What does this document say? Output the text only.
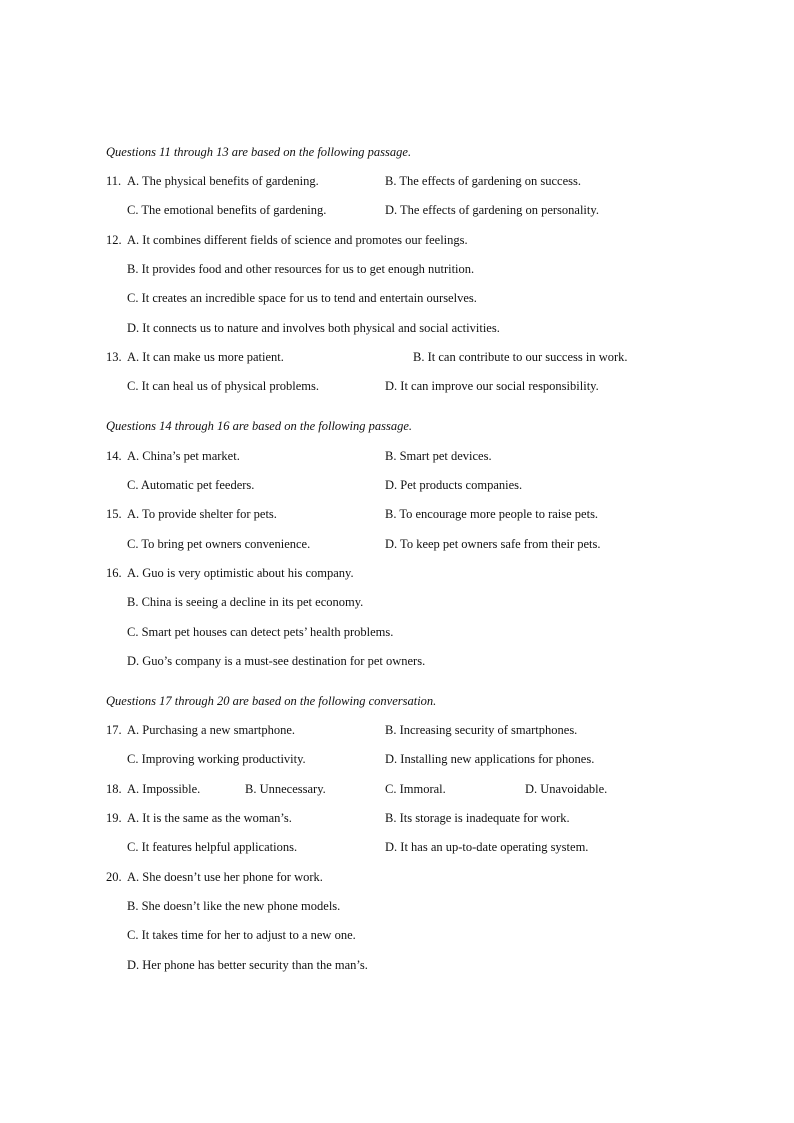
Questions 11 through 13 are based on the following passage.
11. A. The physical benefits of gardening.	B. The effects of gardening on success.
C. The emotional benefits of gardening.	D. The effects of gardening on personality.
12. A. It combines different fields of science and promotes our feelings.
B. It provides food and other resources for us to get enough nutrition.
C. It creates an incredible space for us to tend and entertain ourselves.
D. It connects us to nature and involves both physical and social activities.
13. A. It can make us more patient.	B. It can contribute to our success in work.
C. It can heal us of physical problems.	D. It can improve our social responsibility.
Questions 14 through 16 are based on the following passage.
14. A. China’s pet market.	B. Smart pet devices.
C. Automatic pet feeders.	D. Pet products companies.
15. A. To provide shelter for pets.	B. To encourage more people to raise pets.
C. To bring pet owners convenience.	D. To keep pet owners safe from their pets.
16. A. Guo is very optimistic about his company.
B. China is seeing a decline in its pet economy.
C. Smart pet houses can detect pets’ health problems.
D. Guo’s company is a must-see destination for pet owners.
Questions 17 through 20 are based on the following conversation.
17. A. Purchasing a new smartphone.	B. Increasing security of smartphones.
C. Improving working productivity.	D. Installing new applications for phones.
18. A. Impossible.	B. Unnecessary.	C. Immoral.	D. Unavoidable.
19. A. It is the same as the woman’s.	B. Its storage is inadequate for work.
C. It features helpful applications.	D. It has an up-to-date operating system.
20. A. She doesn’t use her phone for work.
B. She doesn’t like the new phone models.
C. It takes time for her to adjust to a new one.
D. Her phone has better security than the man’s.
